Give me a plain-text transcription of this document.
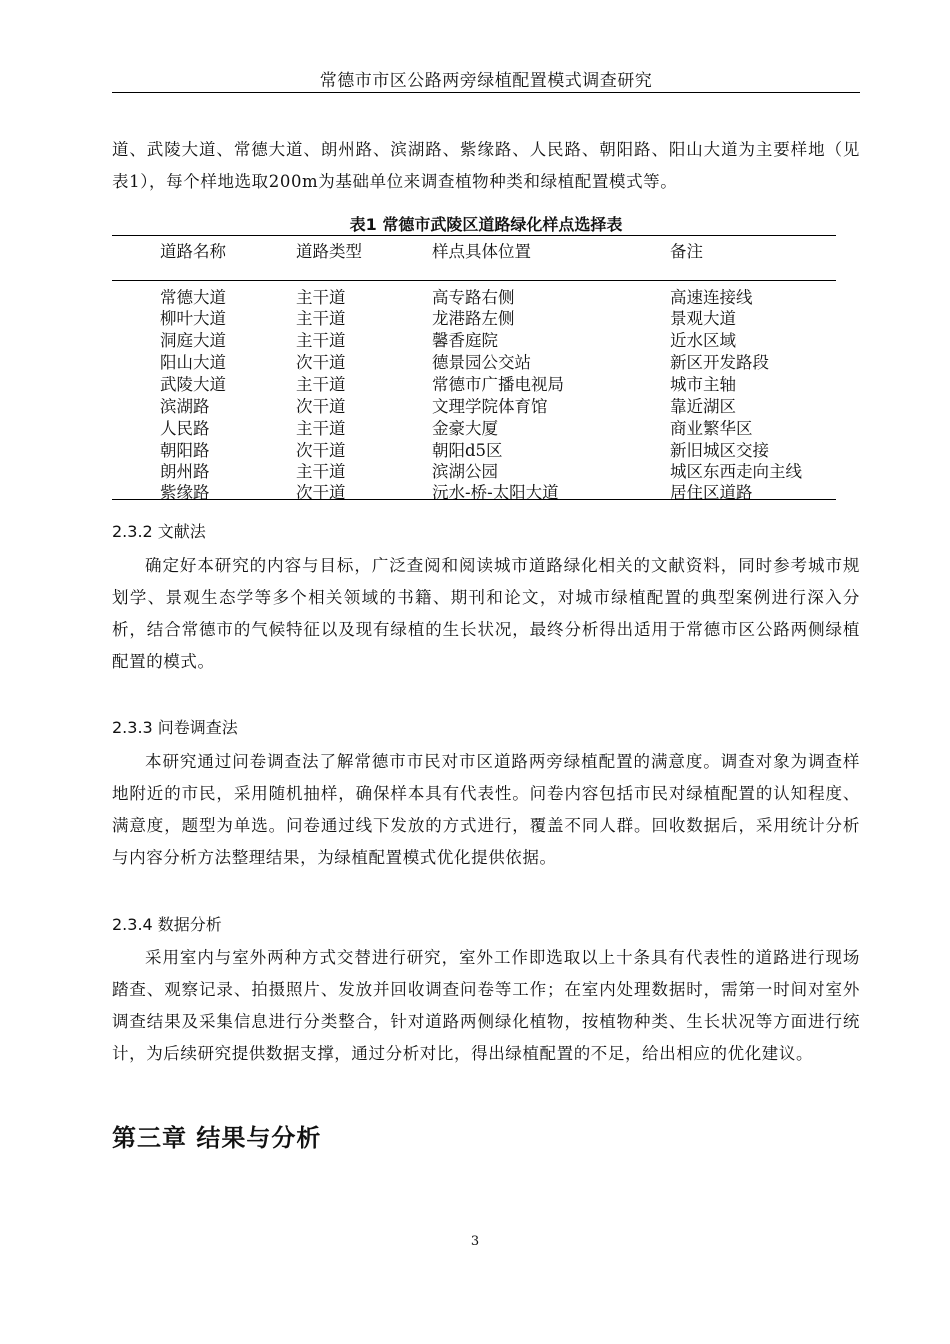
常德市市区公路两旁绿植配置模式调查研究

道、武陵大道、常德大道、朗州路、滨湖路、紫缘路、人民路、朝阳路、阳山大道为主要样地（见表1），每个样地选取200m为基础单位来调查植物种类和绿植配置模式等。

表1 常德市武陵区道路绿化样点选择表
道路名称	道路类型	样点具体位置	备注
常德大道	主干道	高专路右侧	高速连接线
柳叶大道	主干道	龙港路左侧	景观大道
洞庭大道	主干道	馨香庭院	近水区域
阳山大道	次干道	德景园公交站	新区开发路段
武陵大道	主干道	常德市广播电视局	城市主轴
滨湖路	次干道	文理学院体育馆	靠近湖区
人民路	主干道	金豪大厦	商业繁华区
朝阳路	次干道	朝阳d5区	新旧城区交接
朗州路	主干道	滨湖公园	城区东西走向主线
紫缘路	次干道	沅水-桥-太阳大道	居住区道路
2.3.2 文献法

确定好本研究的内容与目标，广泛查阅和阅读城市道路绿化相关的文献资料，同时参考城市规划学、景观生态学等多个相关领域的书籍、期刊和论文，对城市绿植配置的典型案例进行深入分析，结合常德市的气候特征以及现有绿植的生长状况，最终分析得出适用于常德市区公路两侧绿植配置的模式。

2.3.3 问卷调查法

本研究通过问卷调查法了解常德市市民对市区道路两旁绿植配置的满意度。调查对象为调查样地附近的市民，采用随机抽样，确保样本具有代表性。问卷内容包括市民对绿植配置的认知程度、满意度，题型为单选。问卷通过线下发放的方式进行，覆盖不同人群。回收数据后，采用统计分析与内容分析方法整理结果，为绿植配置模式优化提供依据。

2.3.4 数据分析

采用室内与室外两种方式交替进行研究，室外工作即选取以上十条具有代表性的道路进行现场踏查、观察记录、拍摄照片、发放并回收调查问卷等工作；在室内处理数据时，需第一时间对室外调查结果及采集信息进行分类整合，针对道路两侧绿化植物，按植物种类、生长状况等方面进行统计，为后续研究提供数据支撑，通过分析对比，得出绿植配置的不足，给出相应的优化建议。

第三章 结果与分析
3
